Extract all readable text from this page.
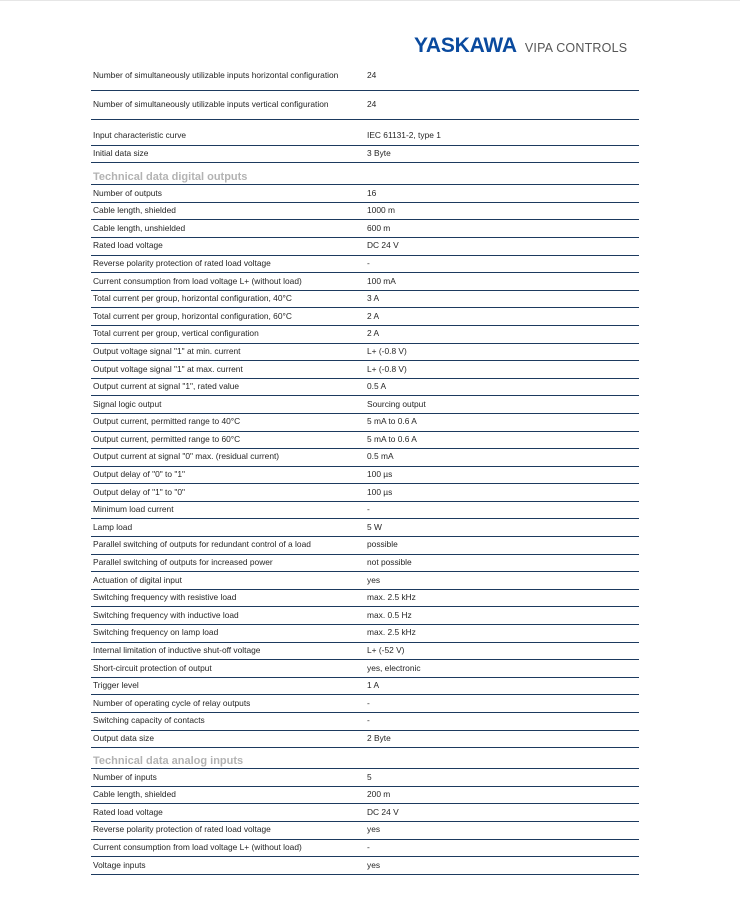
YASKAWA VIPA CONTROLS
Number of simultaneously utilizable inputs horizontal configuration	24
Number of simultaneously utilizable inputs vertical configuration	24
Input characteristic curve	IEC 61131-2, type 1
Initial data size	3 Byte
Technical data digital outputs
Number of outputs	16
Cable length, shielded	1000 m
Cable length, unshielded	600 m
Rated load voltage	DC 24 V
Reverse polarity protection of rated load voltage	-
Current consumption from load voltage L+ (without load)	100 mA
Total current per group, horizontal configuration, 40°C	3 A
Total current per group, horizontal configuration, 60°C	2 A
Total current per group, vertical configuration	2 A
Output voltage signal "1" at min. current	L+ (-0.8 V)
Output voltage signal "1" at max. current	L+ (-0.8 V)
Output current at signal "1", rated value	0.5 A
Signal logic output	Sourcing output
Output current, permitted range to 40°C	5 mA to 0.6 A
Output current, permitted range to 60°C	5 mA to 0.6 A
Output current at signal "0" max. (residual current)	0.5 mA
Output delay of "0" to "1"	100 µs
Output delay of "1" to "0"	100 µs
Minimum load current	-
Lamp load	5 W
Parallel switching of outputs for redundant control of a load	possible
Parallel switching of outputs for increased power	not possible
Actuation of digital input	yes
Switching frequency with resistive load	max. 2.5 kHz
Switching frequency with inductive load	max. 0.5 Hz
Switching frequency on lamp load	max. 2.5 kHz
Internal limitation of inductive shut-off voltage	L+ (-52 V)
Short-circuit protection of output	yes, electronic
Trigger level	1 A
Number of operating cycle of relay outputs	-
Switching capacity of contacts	-
Output data size	2 Byte
Technical data analog inputs
Number of inputs	5
Cable length, shielded	200 m
Rated load voltage	DC 24 V
Reverse polarity protection of rated load voltage	yes
Current consumption from load voltage L+ (without load)	-
Voltage inputs	yes
